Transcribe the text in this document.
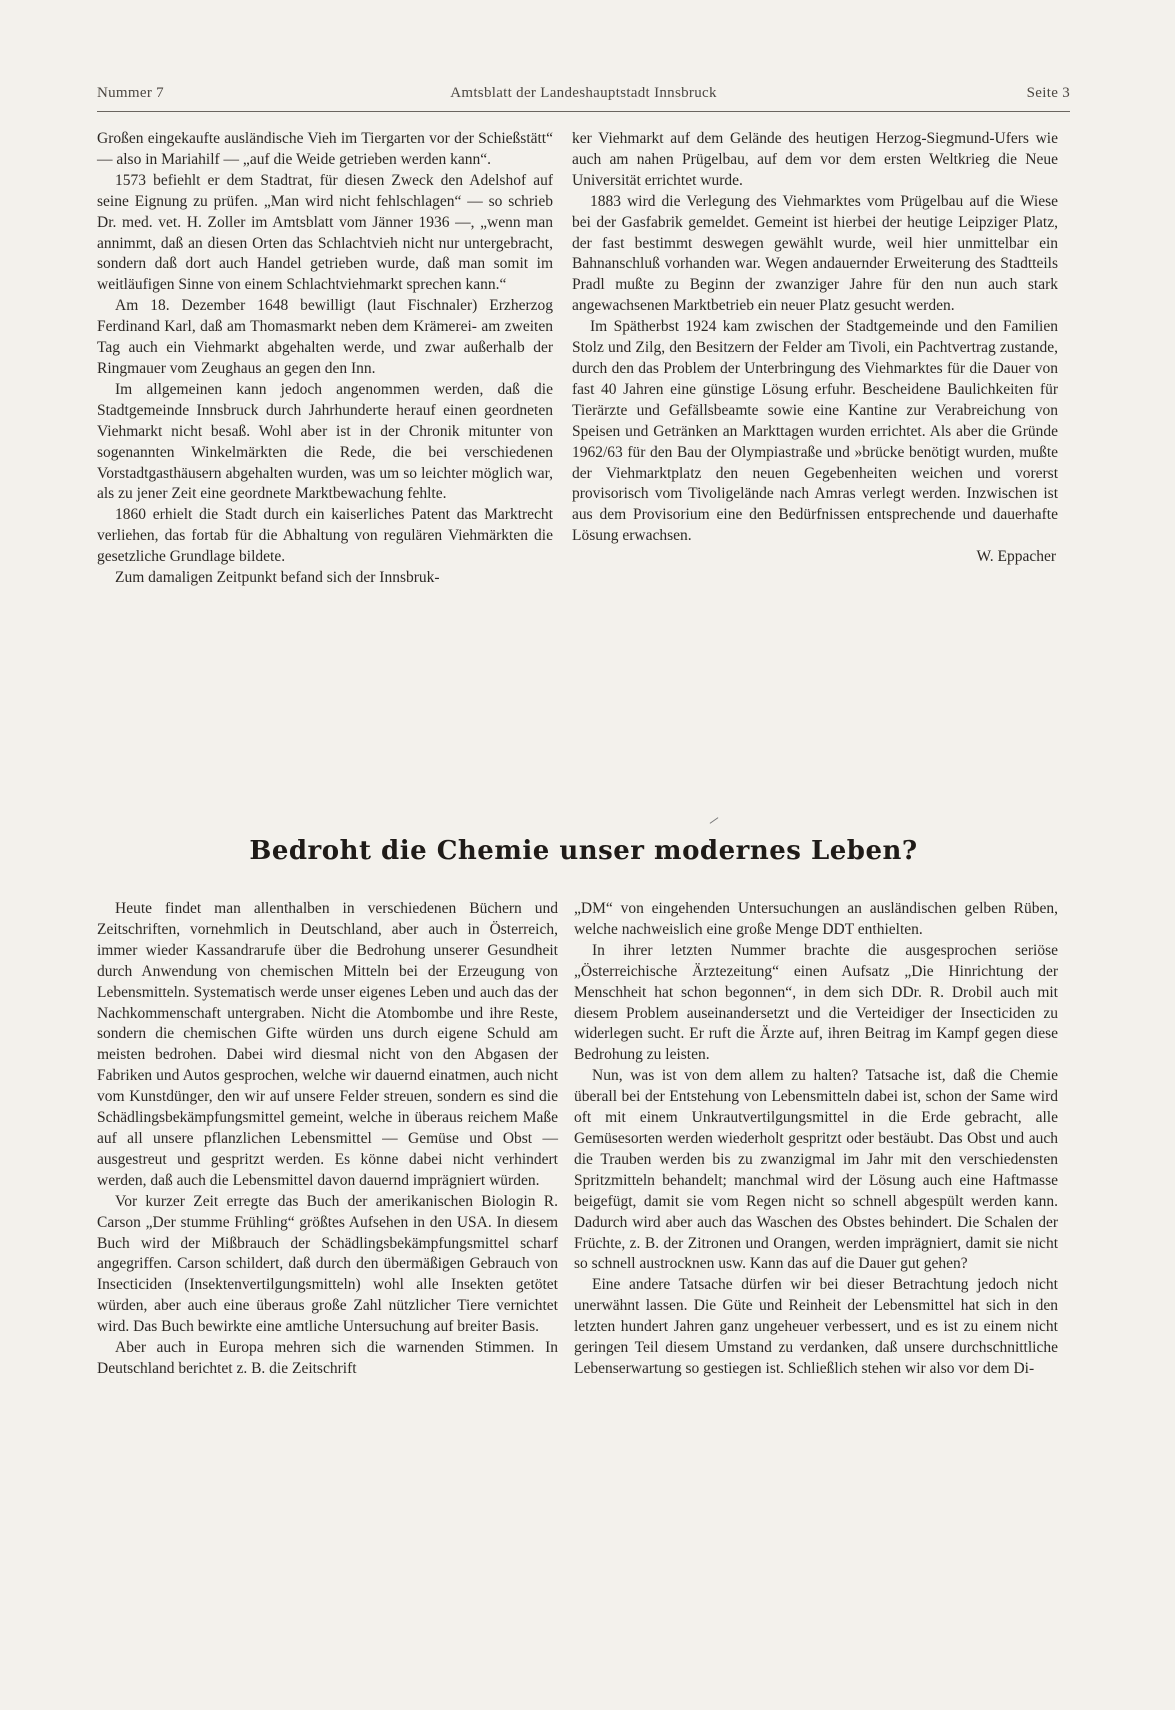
Nummer 7	Amtsblatt der Landeshauptstadt Innsbruck	Seite 3

Großen eingekaufte ausländische Vieh im Tiergarten vor der Schießstätt“ — also in Mariahilf — „auf die Weide getrieben werden kann“.

1573 befiehlt er dem Stadtrat, für diesen Zweck den Adelshof auf seine Eignung zu prüfen. „Man wird nicht fehlschlagen“ — so schrieb Dr. med. vet. H. Zoller im Amtsblatt vom Jänner 1936 —, „wenn man annimmt, daß an diesen Orten das Schlachtvieh nicht nur untergebracht, sondern daß dort auch Handel getrieben wurde, daß man somit im weitläufigen Sinne von einem Schlachtviehmarkt sprechen kann.“

Am 18. Dezember 1648 bewilligt (laut Fischnaler) Erzherzog Ferdinand Karl, daß am Thomasmarkt neben dem Krämerei- am zweiten Tag auch ein Viehmarkt abgehalten werde, und zwar außerhalb der Ringmauer vom Zeughaus an gegen den Inn.

Im allgemeinen kann jedoch angenommen werden, daß die Stadtgemeinde Innsbruck durch Jahrhunderte herauf einen geordneten Viehmarkt nicht besaß. Wohl aber ist in der Chronik mitunter von sogenannten Winkelmärkten die Rede, die bei verschiedenen Vorstadtgasthäusern abgehalten wurden, was um so leichter möglich war, als zu jener Zeit eine geordnete Marktbewachung fehlte.

1860 erhielt die Stadt durch ein kaiserliches Patent das Marktrecht verliehen, das fortab für die Abhaltung von regulären Viehmärkten die gesetzliche Grundlage bildete.

Zum damaligen Zeitpunkt befand sich der Innsbruk-

ker Viehmarkt auf dem Gelände des heutigen Herzog-Siegmund-Ufers wie auch am nahen Prügelbau, auf dem vor dem ersten Weltkrieg die Neue Universität errichtet wurde.

1883 wird die Verlegung des Viehmarktes vom Prügelbau auf die Wiese bei der Gasfabrik gemeldet. Gemeint ist hierbei der heutige Leipziger Platz, der fast bestimmt deswegen gewählt wurde, weil hier unmittelbar ein Bahnanschluß vorhanden war. Wegen andauernder Erweiterung des Stadtteils Pradl mußte zu Beginn der zwanziger Jahre für den nun auch stark angewachsenen Marktbetrieb ein neuer Platz gesucht werden.

Im Spätherbst 1924 kam zwischen der Stadtgemeinde und den Familien Stolz und Zilg, den Besitzern der Felder am Tivoli, ein Pachtvertrag zustande, durch den das Problem der Unterbringung des Viehmarktes für die Dauer von fast 40 Jahren eine günstige Lösung erfuhr. Bescheidene Baulichkeiten für Tierärzte und Gefällsbeamte sowie eine Kantine zur Verabreichung von Speisen und Getränken an Markttagen wurden errichtet. Als aber die Gründe 1962/63 für den Bau der Olympiastraße und »brücke benötigt wurden, mußte der Viehmarktplatz den neuen Gegebenheiten weichen und vorerst provisorisch vom Tivoligelände nach Amras verlegt werden. Inzwischen ist aus dem Provisorium eine den Bedürfnissen entsprechende und dauerhafte Lösung erwachsen.

W. Eppacher

Bedroht die Chemie unser modernes Leben?

Heute findet man allenthalben in verschiedenen Büchern und Zeitschriften, vornehmlich in Deutschland, aber auch in Österreich, immer wieder Kassandrarufe über die Bedrohung unserer Gesundheit durch Anwendung von chemischen Mitteln bei der Erzeugung von Lebensmitteln. Systematisch werde unser eigenes Leben und auch das der Nachkommenschaft untergraben. Nicht die Atombombe und ihre Reste, sondern die chemischen Gifte würden uns durch eigene Schuld am meisten bedrohen. Dabei wird diesmal nicht von den Abgasen der Fabriken und Autos gesprochen, welche wir dauernd einatmen, auch nicht vom Kunstdünger, den wir auf unsere Felder streuen, sondern es sind die Schädlingsbekämpfungsmittel gemeint, welche in überaus reichem Maße auf all unsere pflanzlichen Lebensmittel — Gemüse und Obst — ausgestreut und gespritzt werden. Es könne dabei nicht verhindert werden, daß auch die Lebensmittel davon dauernd imprägniert würden.

Vor kurzer Zeit erregte das Buch der amerikanischen Biologin R. Carson „Der stumme Frühling“ größtes Aufsehen in den USA. In diesem Buch wird der Mißbrauch der Schädlingsbekämpfungsmittel scharf angegriffen. Carson schildert, daß durch den übermäßigen Gebrauch von Insecticiden (Insektenvertilgungsmitteln) wohl alle Insekten getötet würden, aber auch eine überaus große Zahl nützlicher Tiere vernichtet wird. Das Buch bewirkte eine amtliche Untersuchung auf breiter Basis.

Aber auch in Europa mehren sich die warnenden Stimmen. In Deutschland berichtet z. B. die Zeitschrift

„DM“ von eingehenden Untersuchungen an ausländischen gelben Rüben, welche nachweislich eine große Menge DDT enthielten.

In ihrer letzten Nummer brachte die ausgesprochen seriöse „Österreichische Ärztezeitung“ einen Aufsatz „Die Hinrichtung der Menschheit hat schon begonnen“, in dem sich DDr. R. Drobil auch mit diesem Problem auseinandersetzt und die Verteidiger der Insecticiden zu widerlegen sucht. Er ruft die Ärzte auf, ihren Beitrag im Kampf gegen diese Bedrohung zu leisten.

Nun, was ist von dem allem zu halten? Tatsache ist, daß die Chemie überall bei der Entstehung von Lebensmitteln dabei ist, schon der Same wird oft mit einem Unkrautvertilgungsmittel in die Erde gebracht, alle Gemüsesorten werden wiederholt gespritzt oder bestäubt. Das Obst und auch die Trauben werden bis zu zwanzigmal im Jahr mit den verschiedensten Spritzmitteln behandelt; manchmal wird der Lösung auch eine Haftmasse beigefügt, damit sie vom Regen nicht so schnell abgespült werden kann. Dadurch wird aber auch das Waschen des Obstes behindert. Die Schalen der Früchte, z. B. der Zitronen und Orangen, werden imprägniert, damit sie nicht so schnell austrocknen usw. Kann das auf die Dauer gut gehen?

Eine andere Tatsache dürfen wir bei dieser Betrachtung jedoch nicht unerwähnt lassen. Die Güte und Reinheit der Lebensmittel hat sich in den letzten hundert Jahren ganz ungeheuer verbessert, und es ist zu einem nicht geringen Teil diesem Umstand zu verdanken, daß unsere durchschnittliche Lebenserwartung so gestiegen ist. Schließlich stehen wir also vor dem Di-
